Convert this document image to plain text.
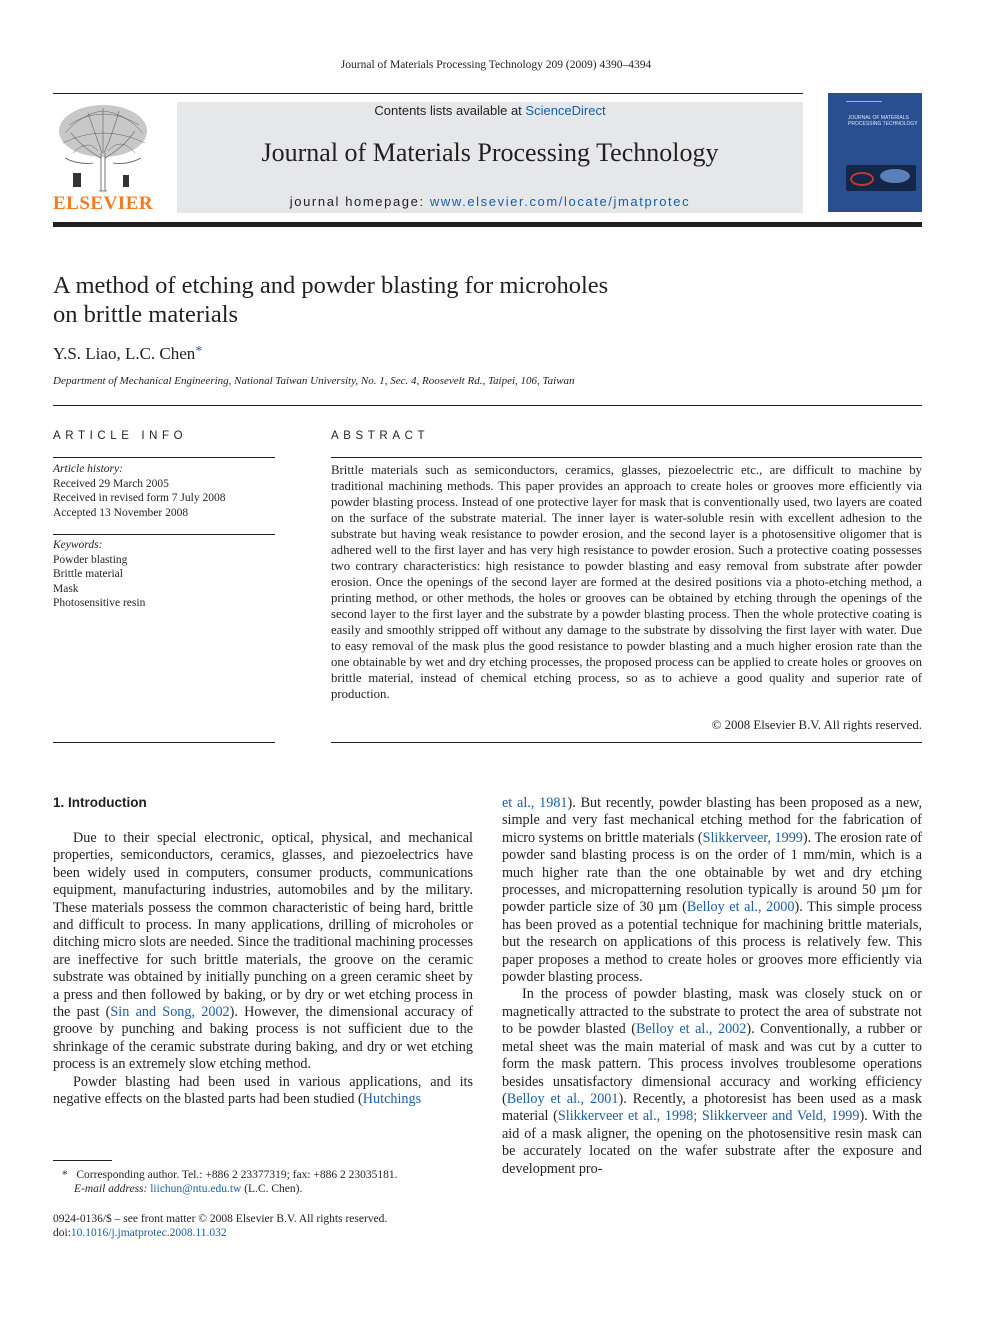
Journal of Materials Processing Technology 209 (2009) 4390–4394
ELSEVIER
Contents lists available at ScienceDirect
Journal of Materials Processing Technology
journal homepage: www.elsevier.com/locate/jmatprotec
JOURNAL OF MATERIALS PROCESSING TECHNOLOGY
A method of etching and powder blasting for microholes
on brittle materials
Y.S. Liao, L.C. Chen*
Department of Mechanical Engineering, National Taiwan University, No. 1, Sec. 4, Roosevelt Rd., Taipei, 106, Taiwan
ARTICLE INFO
Article history:
Received 29 March 2005
Received in revised form 7 July 2008
Accepted 13 November 2008
Keywords:
Powder blasting
Brittle material
Mask
Photosensitive resin
ABSTRACT
Brittle materials such as semiconductors, ceramics, glasses, piezoelectric etc., are difficult to machine by traditional machining methods. This paper provides an approach to create holes or grooves more efficiently via powder blasting process. Instead of one protective layer for mask that is conventionally used, two layers are coated on the surface of the substrate material. The inner layer is water-soluble resin with excellent adhesion to the substrate but having weak resistance to powder erosion, and the second layer is a photosensitive oligomer that is adhered well to the first layer and has very high resistance to powder erosion. Such a protective coating possesses two contrary characteristics: high resistance to powder blasting and easy removal from substrate after powder erosion. Once the openings of the second layer are formed at the desired positions via a photo-etching method, a printing method, or other methods, the holes or grooves can be obtained by etching through the openings of the second layer to the first layer and the substrate by a powder blasting process. Then the whole protective coating is easily and smoothly stripped off without any damage to the substrate by dissolving the first layer with water. Due to easy removal of the mask plus the good resistance to powder blasting and a much higher erosion rate than the one obtainable by wet and dry etching processes, the proposed process can be applied to create holes or grooves on brittle material, instead of chemical etching process, so as to achieve a good quality and superior rate of production.
© 2008 Elsevier B.V. All rights reserved.
1. Introduction

Due to their special electronic, optical, physical, and mechanical properties, semiconductors, ceramics, glasses, and piezoelectrics have been widely used in computers, consumer products, communications equipment, manufacturing industries, automobiles and by the military. These materials possess the common characteristic of being hard, brittle and difficult to process. In many applications, drilling of microholes or ditching micro slots are needed. Since the traditional machining processes are ineffective for such brittle materials, the groove on the ceramic substrate was obtained by initially punching on a green ceramic sheet by a press and then followed by baking, or by dry or wet etching process in the past (Sin and Song, 2002). However, the dimensional accuracy of groove by punching and baking process is not sufficient due to the shrinkage of the ceramic substrate during baking, and dry or wet etching process is an extremely slow etching method.

Powder blasting had been used in various applications, and its negative effects on the blasted parts had been studied (Hutchings

et al., 1981). But recently, powder blasting has been proposed as a new, simple and very fast mechanical etching method for the fabrication of micro systems on brittle materials (Slikkerveer, 1999). The erosion rate of powder sand blasting process is on the order of 1 mm/min, which is a much higher rate than the one obtainable by wet and dry etching processes, and micropatterning resolution typically is around 50 µm for powder particle size of 30 µm (Belloy et al., 2000). This simple process has been proved as a potential technique for machining brittle materials, but the research on applications of this process is relatively few. This paper proposes a method to create holes or grooves more efficiently via powder blasting process.

In the process of powder blasting, mask was closely stuck on or magnetically attracted to the substrate to protect the area of substrate not to be powder blasted (Belloy et al., 2002). Conventionally, a rubber or metal sheet was the main material of mask and was cut by a cutter to form the mask pattern. This process involves troublesome operations besides unsatisfactory dimensional accuracy and working efficiency (Belloy et al., 2001). Recently, a photoresist has been used as a mask material (Slikkerveer et al., 1998; Slikkerveer and Veld, 1999). With the aid of a mask aligner, the opening on the photosensitive resin mask can be accurately located on the wafer substrate after the exposure and development pro-

* Corresponding author. Tel.: +886 2 23377319; fax: +886 2 23035181.
E-mail address: liichun@ntu.edu.tw (L.C. Chen).
0924-0136/$ – see front matter © 2008 Elsevier B.V. All rights reserved.
doi:10.1016/j.jmatprotec.2008.11.032
